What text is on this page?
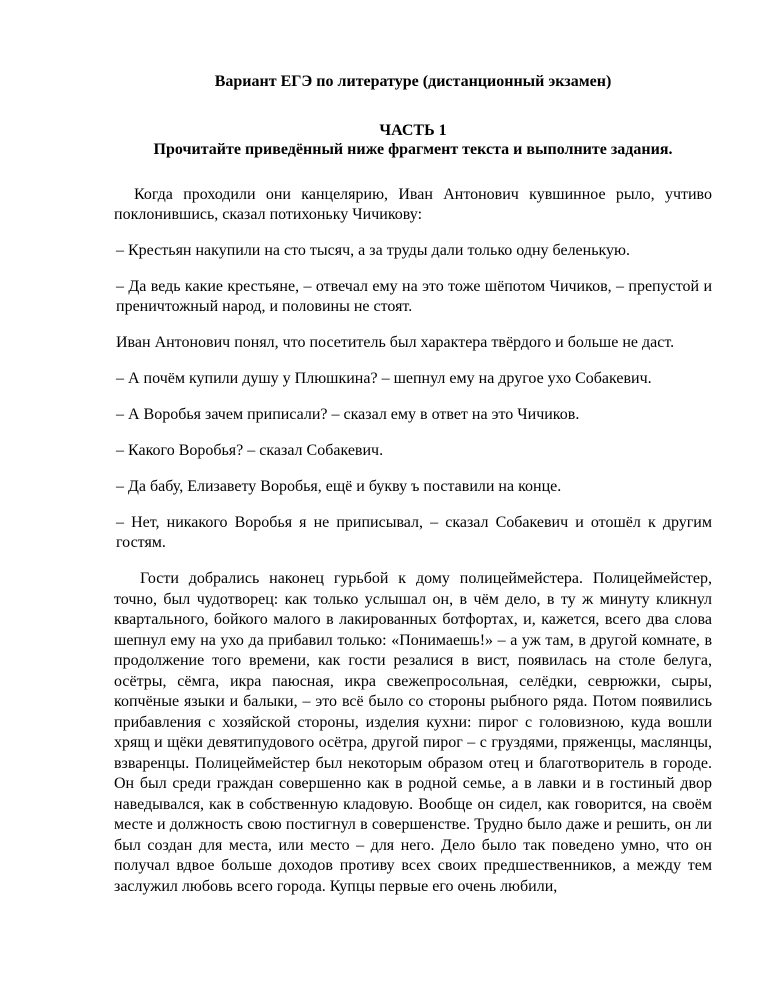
Вариант ЕГЭ по литературе (дистанционный экзамен)
ЧАСТЬ 1
Прочитайте приведённый ниже фрагмент текста и выполните задания.

Когда проходили они канцелярию, Иван Антонович кувшинное рыло, учтиво поклонившись, сказал потихоньку Чичикову:

– Крестьян накупили на сто тысяч, а за труды дали только одну беленькую.

– Да ведь какие крестьяне, – отвечал ему на это тоже шёпотом Чичиков, – препустой и преничтожный народ, и половины не стоят.

Иван Антонович понял, что посетитель был характера твёрдого и больше не даст.

– А почём купили душу у Плюшкина? – шепнул ему на другое ухо Собакевич.

– А Воробья зачем приписали? – сказал ему в ответ на это Чичиков.

– Какого Воробья? – сказал Собакевич.

– Да бабу, Елизавету Воробья, ещё и букву ъ поставили на конце.

– Нет, никакого Воробья я не приписывал, – сказал Собакевич и отошёл к другим гостям.

Гости добрались наконец гурьбой к дому полицеймейстера. Полицеймейстер, точно, был чудотворец: как только услышал он, в чём дело, в ту ж минуту кликнул квартального, бойкого малого в лакированных ботфортах, и, кажется, всего два слова шепнул ему на ухо да прибавил только: «Понимаешь!» – а уж там, в другой комнате, в продолжение того времени, как гости резалися в вист, появилась на столе белуга, осётры, сёмга, икра паюсная, икра свежепросольная, селёдки, севрюжки, сыры, копчёные языки и балыки, – это всё было со стороны рыбного ряда. Потом появились прибавления с хозяйской стороны, изделия кухни: пирог с головизною, куда вошли хрящ и щёки девятипудового осётра, другой пирог – с груздями, пряженцы, маслянцы, взваренцы. Полицеймейстер был некоторым образом отец и благотворитель в городе. Он был среди граждан совершенно как в родной семье, а в лавки и в гостиный двор наведывался, как в собственную кладовую. Вообще он сидел, как говорится, на своём месте и должность свою постигнул в совершенстве. Трудно было даже и решить, он ли был создан для места, или место – для него. Дело было так поведено умно, что он получал вдвое больше доходов противу всех своих предшественников, а между тем заслужил любовь всего города. Купцы первые его очень любили,
